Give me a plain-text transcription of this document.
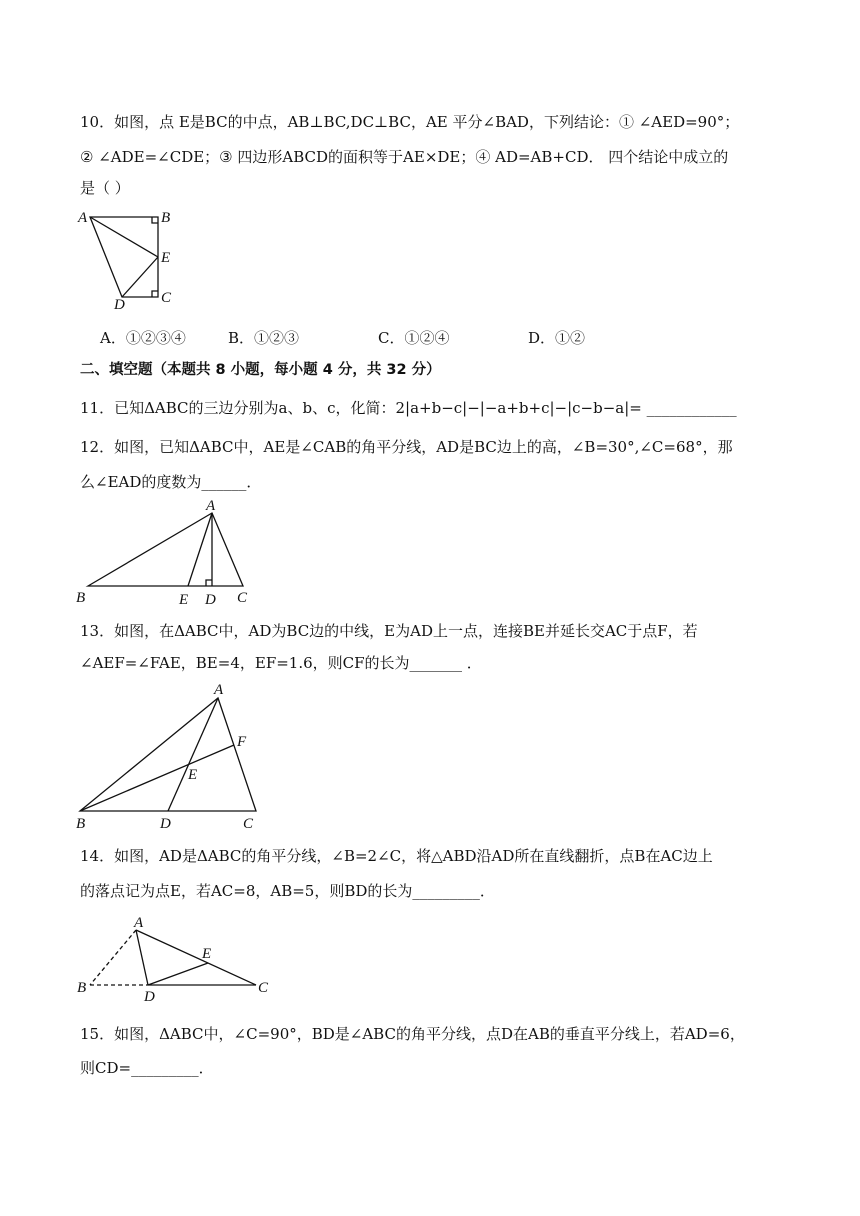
10．如图，点 E是BC的中点，AB⊥BC,DC⊥BC，AE 平分∠BAD，下列结论：① ∠AED=90°；
② ∠ADE=∠CDE；③ 四边形ABCD的面积等于AE×DE；④ AD=AB+CD． 四个结论中成立的
是（ ）
A	B
E
D C
A．①②③④	B．①②③	C．①②④	D．①②
二、填空题（本题共 8 小题，每小题 4 分，共 32 分）
11．已知ΔABC的三边分别为a、b、c，化简：2|a+b−c|−|−a+b+c|−|c−b−a|= ____________
12．如图，已知ΔABC中，AE是∠CAB的角平分线，AD是BC边上的高，∠B=30°,∠C=68°，那
么∠EAD的度数为______．
A
B	E D C
13．如图，在ΔABC中，AD为BC边的中线，E为AD上一点，连接BE并延长交AC于点F，若
∠AEF=∠FAE，BE=4，EF=1.6，则CF的长为_______ ．
A
F
E
B	D	C
14．如图，AD是ΔABC的角平分线，∠B=2∠C，将△ABD沿AD所在直线翻折，点B在AC边上
的落点记为点E，若AC=8，AB=5，则BD的长为_________．
A
E
B
D
C
15．如图，ΔABC中，∠C=90°，BD是∠ABC的角平分线，点D在AB的垂直平分线上，若AD=6，
则CD=_________．
